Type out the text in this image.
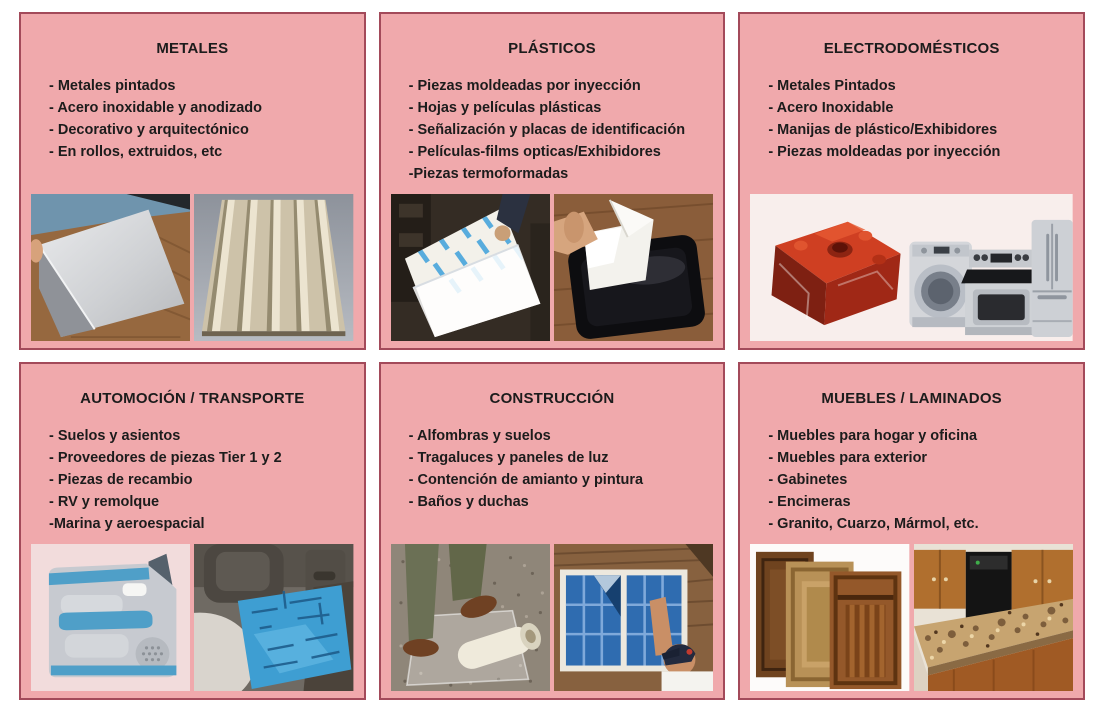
METALES
- Metales pintados
- Acero inoxidable y anodizado
- Decorativo y arquitectónico
- En rollos, extruidos, etc
PLÁSTICOS
- Piezas moldeadas por inyección
- Hojas y películas plásticas
- Señalización y placas de identificación
- Películas-films opticas/Exhibidores
-Piezas termoformadas
ELECTRODOMÉSTICOS
- Metales Pintados
- Acero Inoxidable
- Manijas de plástico/Exhibidores
- Piezas moldeadas por inyección
AUTOMOCIÓN / TRANSPORTE
- Suelos y asientos
- Proveedores de piezas Tier 1 y 2
- Piezas de recambio
- RV y remolque
-Marina y aeroespacial
CONSTRUCCIÓN
- Alfombras y suelos
- Tragaluces y paneles de luz
- Contención de amianto y pintura
- Baños y duchas
MUEBLES / LAMINADOS
- Muebles para hogar y oficina
- Muebles para exterior
- Gabinetes
- Encimeras
- Granito, Cuarzo, Mármol, etc.
